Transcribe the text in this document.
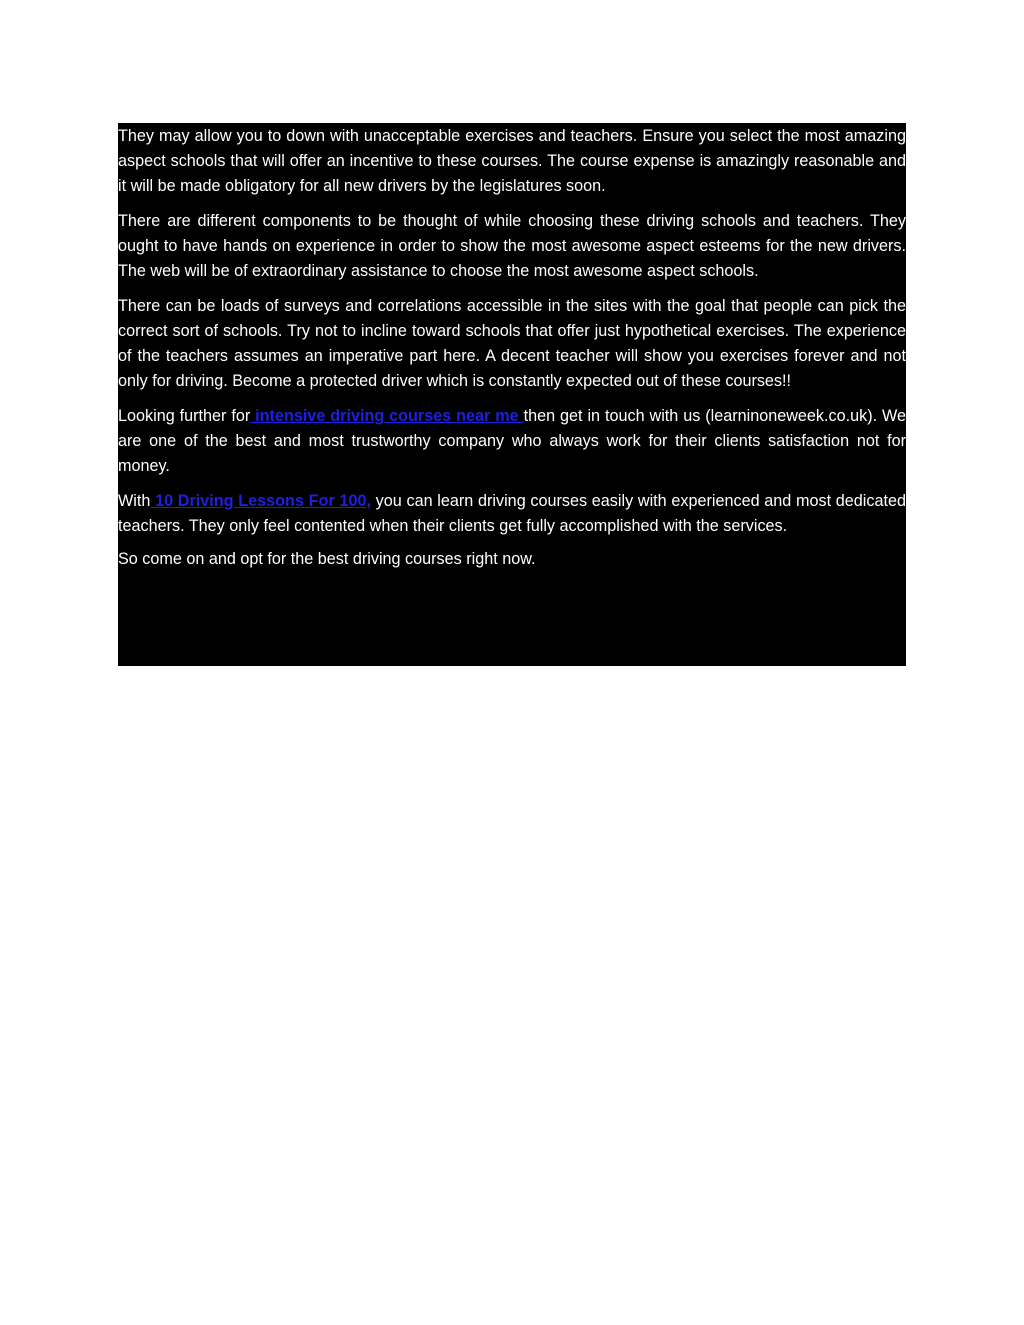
They may allow you to down with unacceptable exercises and teachers. Ensure you select the most amazing aspect schools that will offer an incentive to these courses. The course expense is amazingly reasonable and it will be made obligatory for all new drivers by the legislatures soon.

There are different components to be thought of while choosing these driving schools and teachers. They ought to have hands on experience in order to show the most awesome aspect esteems for the new drivers. The web will be of extraordinary assistance to choose the most awesome aspect schools.

There can be loads of surveys and correlations accessible in the sites with the goal that people can pick the correct sort of schools. Try not to incline toward schools that offer just hypothetical exercises. The experience of the teachers assumes an imperative part here. A decent teacher will show you exercises forever and not only for driving. Become a protected driver which is constantly expected out of these courses!!

Looking further for intensive driving courses near me then get in touch with us (learninoneweek.co.uk). We are one of the best and most trustworthy company who always work for their clients satisfaction not for money.

With 10 Driving Lessons For 100, you can learn driving courses easily with experienced and most dedicated teachers. They only feel contented when their clients get fully accomplished with the services.

So come on and opt for the best driving courses right now.
